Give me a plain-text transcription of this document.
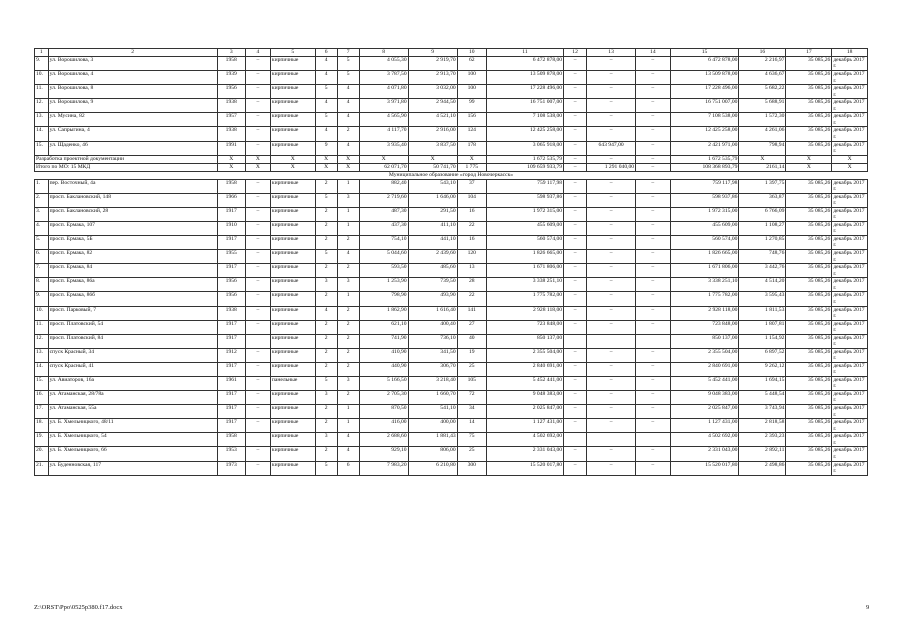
1	2	3	4	5	6	7	8	9	10	11	12	13	14	15	16	17	18
9.	ул. Ворошилова, 3	1958	–	кирпичные	4	5	4 055,30	2 919,70	62	6 472 878,00	–	–	–	6 472 878,00	2 216,97	35 085,26	декабрь 2017 г.
10.	ул. Ворошилова, 4	1939	–	кирпичные	4	5	3 787,50	2 913,70	100	13 509 878,00	–	–	–	13 509 878,00	4 636,67	35 085,26	декабрь 2017 г.
11.	ул. Ворошилова, 8	1956	–	кирпичные	5	4	4 071,80	3 032,00	100	17 228 496,00	–	–	–	17 228 496,00	5 682,22	35 085,26	декабрь 2017 г.
12.	ул. Ворошилова, 9	1938	–	кирпичные	4	4	3 971,80	2 944,50	99	16 751 007,00	–	–	–	16 751 007,00	5 688,91	35 085,26	декабрь 2017 г.
13.	ул. Мусина, 82	1957	–	кирпичные	5	4	4 565,90	4 521,10	156	7 108 538,00	–	–	–	7 108 538,00	1 572,30	35 085,26	декабрь 2017 г.
14.	ул. Сапрыгина, 4	1938	–	кирпичные	4	2	4 117,70	2 916,00	124	12 425 258,00	–	–	–	12 425 258,00	4 261,06	35 085,26	декабрь 2017 г.
15.	ул. Щаденко, 46	1991	–	кирпичные	9	4	3 935,40	3 837,50	178	3 065 918,00	–	643 947,00	–	2 421 971,00	798,94	35 085,26	декабрь 2017 г.
Разработка проектной документации		X	X	X	X	X	X	X	X	1 672 535,79	–	–	–	1 672 535,79	X	X	X
Итого по МО: 15 МКД		X	X	X	X	X	62 071,70	50 741,70	1 775	109 659 933,79	–	1 291 040,00	–	108 368 893,79	2161,14	X	X
Муниципальное образование «город Новочеркасск»																	
1.	пер. Восточный, 4а	1958	–	кирпичные	2	1	882,40	543,10	37	759 117,98	–	–	–	759 117,98	1 397,75	35 085,26	декабрь 2017 г.
2.	просп. Баклановский, 148	1966	–	кирпичные	5	3	2 719,60	1 646,00	104	598 937,86	–	–	–	598 937,86	363,87	35 085,26	декабрь 2017 г.
3.	просп. Баклановский, 28	1917	–	кирпичные	2	1	487,30	291,50	16	1 972 315,00	–	–	–	1 972 315,00	6 766,09	35 085,26	декабрь 2017 г.
4.	просп. Ермака, 107	1910	–	кирпичные	2	1	437,30	411,10	22	455 609,00	–	–	–	455 609,00	1 108,27	35 085,26	декабрь 2017 г.
5.	просп. Ермака, 5Б	1917	–	кирпичные	2	2	754,10	441,10	16	560 574,00	–	–	–	560 574,00	1 270,85	35 085,26	декабрь 2017 г.
6.	просп. Ермака, 82	1955	–	кирпичные	5	4	5 044,60	2 439,60	120	1 826 665,00	–	–	–	1 826 665,00	748,76	35 085,26	декабрь 2017 г.
7.	просп. Ермака, 84	1917	–	кирпичные	2	2	593,50	485,60	13	1 671 806,00	–	–	–	1 671 806,00	3 442,76	35 085,26	декабрь 2017 г.
8.	просп. Ермака, 86а	1956	–	кирпичные	3	3	1 253,90	739,50	28	3 338 251,10	–	–	–	3 338 251,10	4 514,20	35 085,26	декабрь 2017 г.
9.	просп. Ермака, 86б	1956	–	кирпичные	2	1	798,90	493,90	22	1 775 782,00	–	–	–	1 775 782,00	3 595,43	35 085,26	декабрь 2017 г.
10.	просп. Парковый, 7	1938	–	кирпичные	4	2	1 862,90	1 616,40	141	2 928 118,00	–	–	–	2 928 118,00	1 811,53	35 085,26	декабрь 2017 г.
11.	просп. Платовский, 54	1917	–	кирпичные	2	2	621,10	400,40	27	723 848,00	–	–	–	723 848,00	1 807,81	35 085,26	декабрь 2017 г.
12.	просп. Платовский, 84	1917		кирпичные	2	2	741,90	736,10	40	850 137,00				850 137,00	1 154,92	35 085,26	декабрь 2017 г.
13.	спуск Красный, 34	1912	–	кирпичные	2	2	410,90	341,50	19	2 355 504,00	–	–	–	2 355 504,00	6 897,52	35 085,26	декабрь 2017 г.
14.	спуск Красный, 41	1917	–	кирпичные	2	2	440,90	306,70	25	2 840 691,00	–	–	–	2 840 691,00	9 262,12	35 085,26	декабрь 2017 г.
15.	ул. Авиаторов, 16а	1961	–	панельные	5	3	5 166,50	3 218,40	105	5 452 441,00	–	–	–	5 452 441,00	1 694,15	35 085,26	декабрь 2017 г.
16.	ул. Атаманская, 28/78а	1917	–	кирпичные	3	2	2 705,30	1 660,70	72	9 048 383,00	–	–	–	9 048 383,00	5 448,54	35 085,26	декабрь 2017 г.
17.	ул. Атаманская, 55а	1917	–	кирпичные	2	1	870,50	541,10	34	2 025 847,00	–	–	–	2 025 847,00	3 743,94	35 085,26	декабрь 2017 г.
18.	ул. Б. Хмельницкого, 48/11	1917	–	кирпичные	2	1	416,00	400,00	14	1 127 431,00	–	–	–	1 127 431,00	2 818,58	35 085,26	декабрь 2017 г.
19.	ул. Б. Хмельницкого, 54	1958		кирпичные	3	4	2 688,60	1 881,43	75	4 502 692,00				4 502 692,00	2 393,23	35 085,26	декабрь 2017 г.
20.	ул. Б. Хмельницкого, 66	1953	–	кирпичные	2	4	929,10	806,00	25	2 331 043,00	–	–	–	2 331 043,00	2 892,11	35 085,26	декабрь 2017 г.
21.	ул. Буденновская, 117	1973	–	кирпичные	5	6	7 983,20	6 210,80	300	15 520 017,80	–	–	–	15 520 017,80	2 498,86	35 085,26	декабрь 2017 г.
Z:\ORST\Ppo\0525p380.f17.docx	9
